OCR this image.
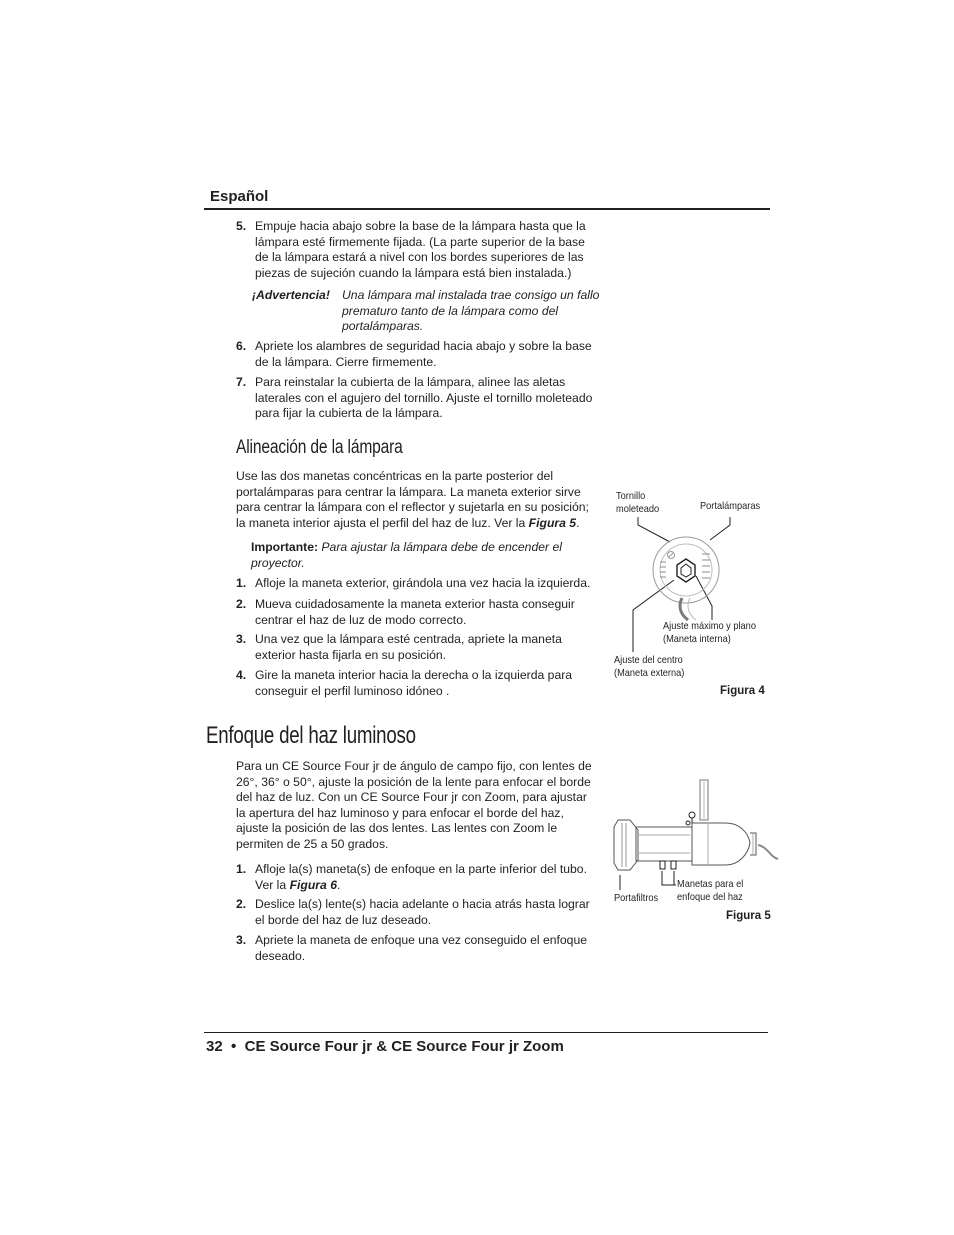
Español
5. Empuje hacia abajo sobre la base de la lámpara hasta que la lámpara esté firmemente fijada. (La parte superior de la base de la lámpara estará a nivel con los bordes superiores de las piezas de sujeción cuando la lámpara está bien instalada.)
¡Advertencia! Una lámpara mal instalada trae consigo un fallo prematuro tanto de la lámpara como del portalámparas.
6. Apriete los alambres de seguridad hacia abajo y sobre la base de la lámpara. Cierre firmemente.
7. Para reinstalar la cubierta de la lámpara, alinee las aletas laterales con el agujero del tornillo. Ajuste el tornillo moleteado para fijar la cubierta de la lámpara.
Alineación de la lámpara
Use las dos manetas concéntricas en la parte posterior del portalámparas para centrar la lámpara. La maneta exterior sirve para centrar la lámpara con el reflector y sujetarla en su posición; la maneta interior ajusta el perfil del haz de luz. Ver la Figura 5.
Importante: Para ajustar la lámpara debe de encender el proyector.
1. Afloje la maneta exterior, girándola una vez hacia la izquierda.
2. Mueva cuidadosamente la maneta exterior hasta conseguir centrar el haz de luz de modo correcto.
3. Una vez que la lámpara esté centrada, apriete la maneta exterior hasta fijarla en su posición.
4. Gire la maneta interior hacia la derecha o la izquierda para conseguir el perfil luminoso idóneo .
Tornillo
moleteado	Portalámparas
Ajuste máximo y plano
(Maneta interna)
Ajuste del centro
(Maneta externa)
Figura 4
Enfoque del haz luminoso
Para un CE Source Four jr de ángulo de campo fijo, con lentes de 26°, 36° o 50°, ajuste la posición de la lente para enfocar el borde del haz de luz. Con un CE Source Four jr con Zoom, para ajustar la apertura del haz luminoso y para enfocar el borde del haz, ajuste la posición de las dos lentes. Las lentes con Zoom le permiten de 25 a 50 grados.
1. Afloje la(s) maneta(s) de enfoque en la parte inferior del tubo. Ver la Figura 6.
2. Deslice la(s) lente(s) hacia adelante o hacia atrás hasta lograr el borde del haz de luz deseado.
3. Apriete la maneta de enfoque una vez conseguido el enfoque deseado.
Portafiltros
Manetas para el
enfoque del haz
Figura 5
32  •  CE Source Four jr & CE Source Four jr Zoom
